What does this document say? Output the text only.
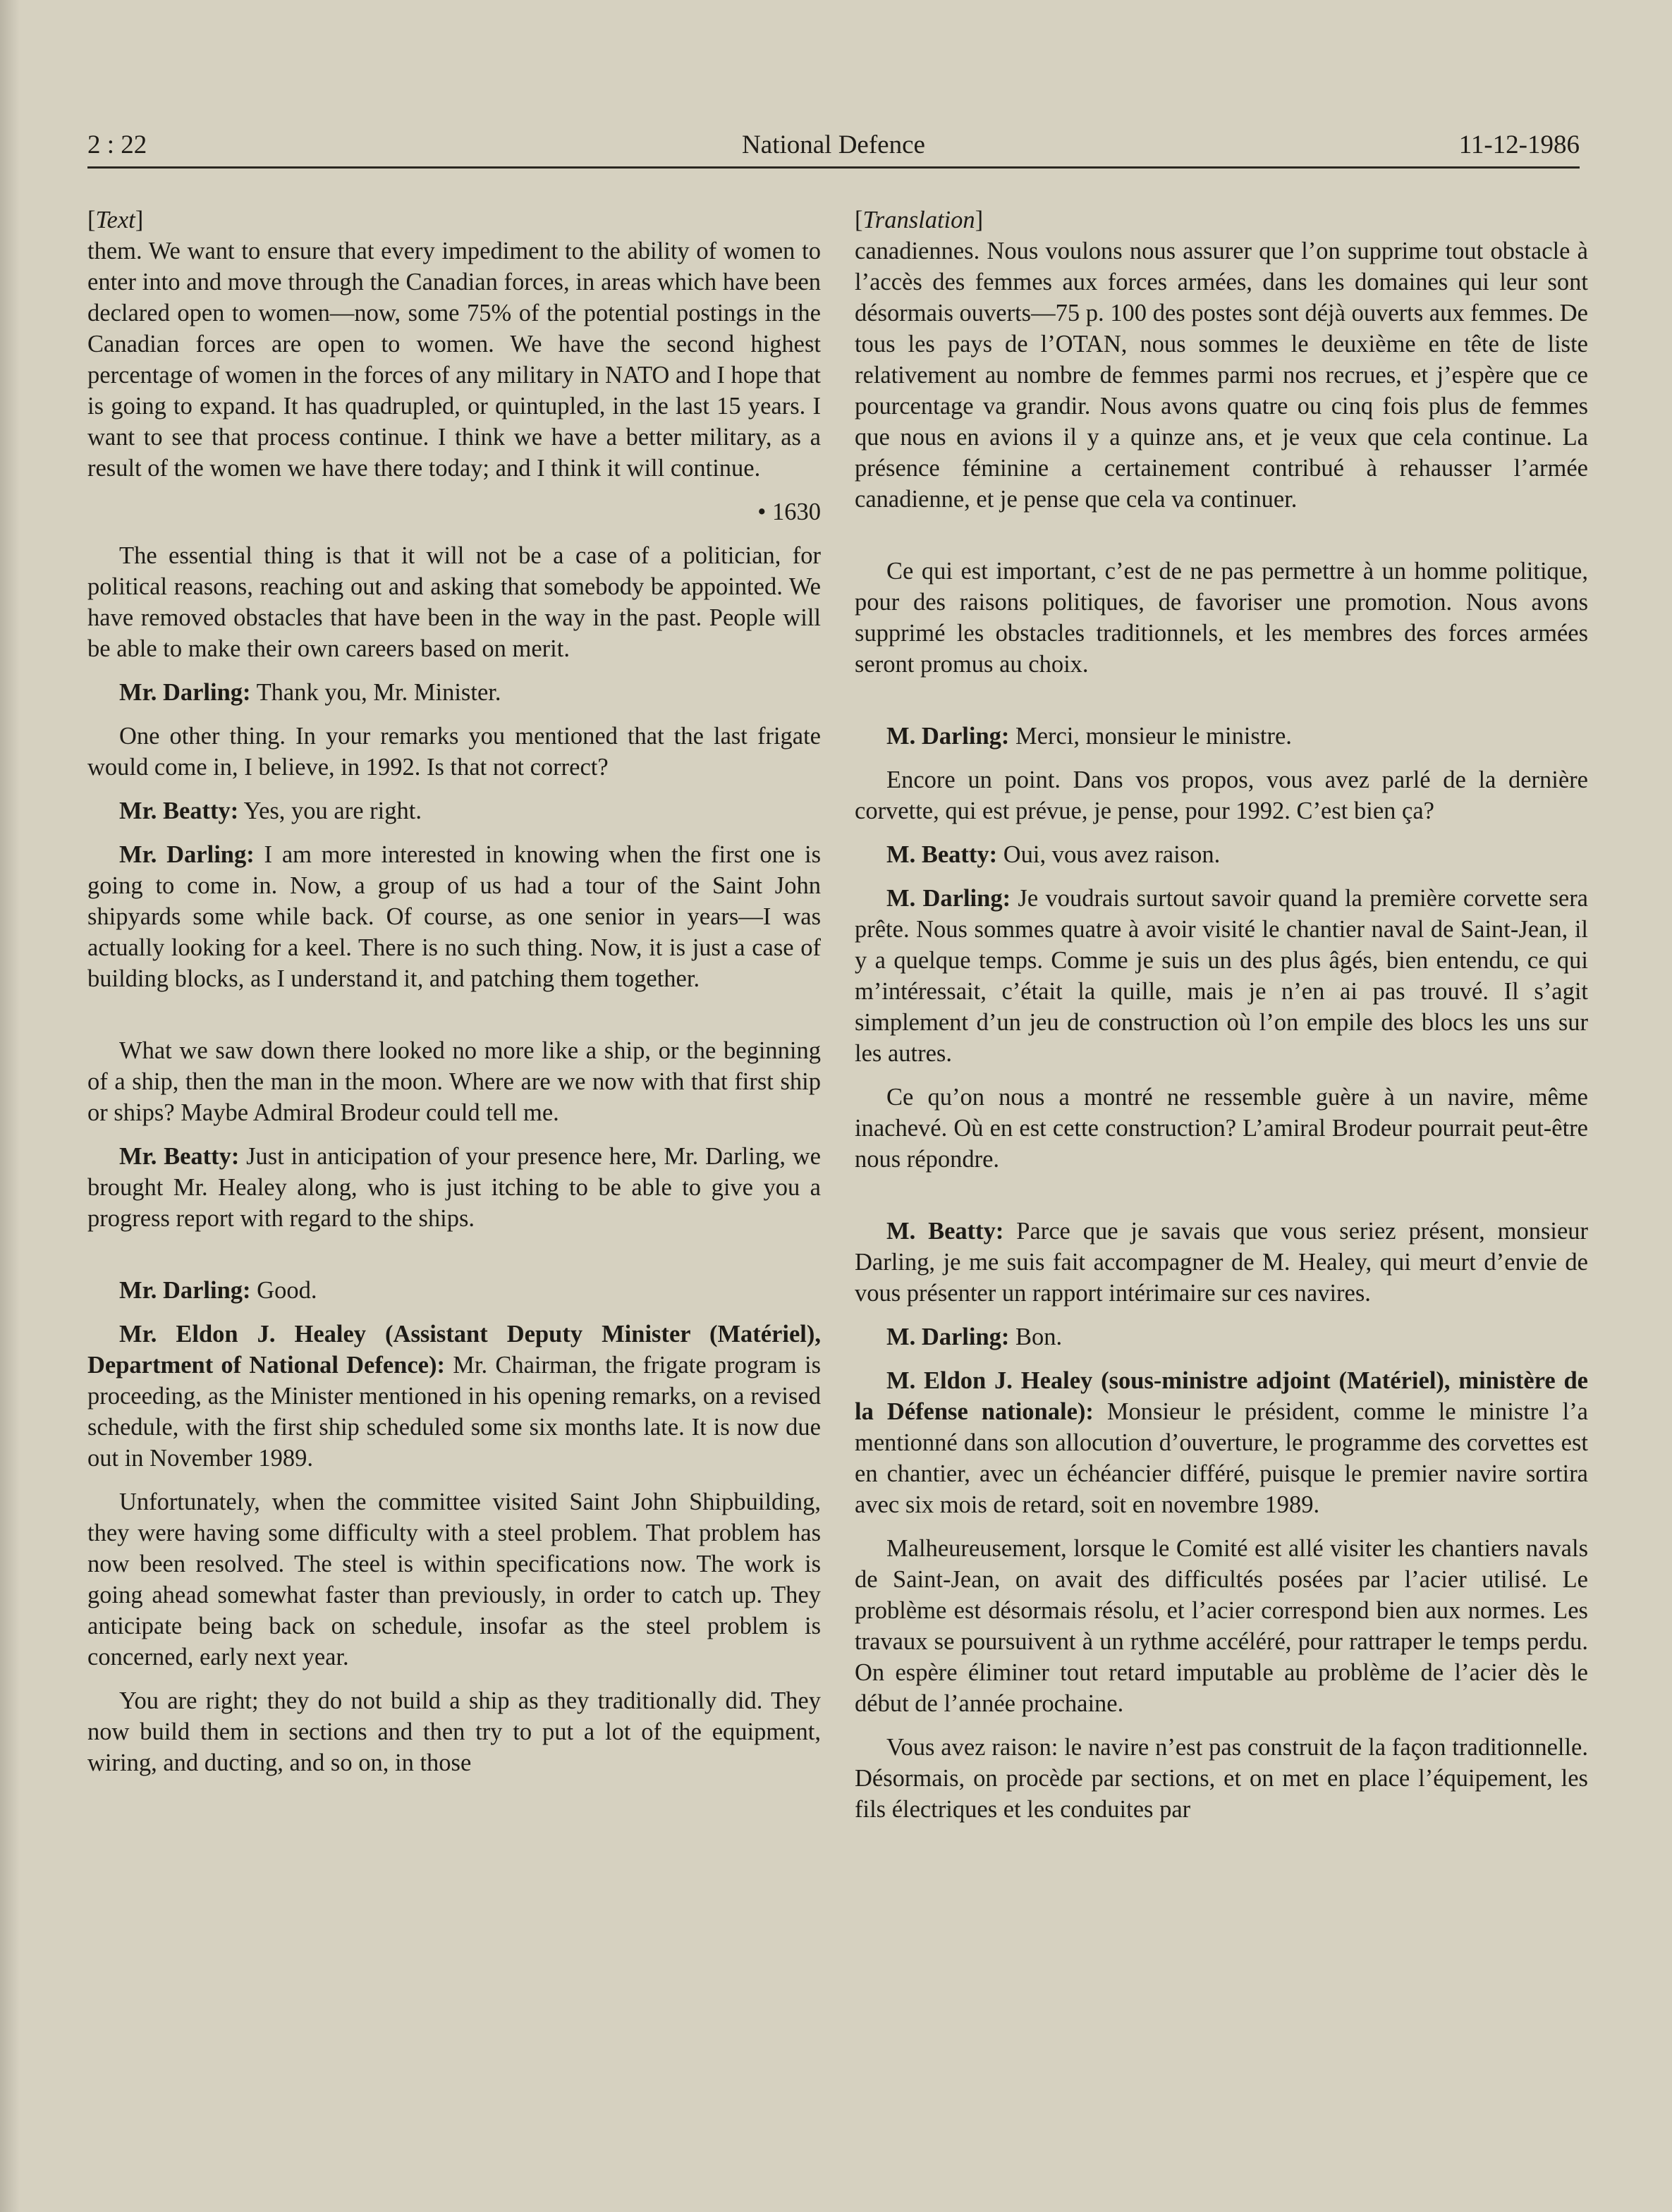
National Defence
2 : 22	11-12-1986

[Text]

them. We want to ensure that every impediment to the ability of women to enter into and move through the Canadian forces, in areas which have been declared open to women—now, some 75% of the potential postings in the Canadian forces are open to women. We have the second highest percentage of women in the forces of any military in NATO and I hope that is going to expand. It has quadrupled, or quintupled, in the last 15 years. I want to see that process continue. I think we have a better military, as a result of the women we have there today; and I think it will continue.

• 1630

The essential thing is that it will not be a case of a politician, for political reasons, reaching out and asking that somebody be appointed. We have removed obstacles that have been in the way in the past. People will be able to make their own careers based on merit.

Mr. Darling: Thank you, Mr. Minister.

One other thing. In your remarks you mentioned that the last frigate would come in, I believe, in 1992. Is that not correct?

Mr. Beatty: Yes, you are right.

Mr. Darling: I am more interested in knowing when the first one is going to come in. Now, a group of us had a tour of the Saint John shipyards some while back. Of course, as one senior in years—I was actually looking for a keel. There is no such thing. Now, it is just a case of building blocks, as I understand it, and patching them together.

What we saw down there looked no more like a ship, or the beginning of a ship, then the man in the moon. Where are we now with that first ship or ships? Maybe Admiral Brodeur could tell me.

Mr. Beatty: Just in anticipation of your presence here, Mr. Darling, we brought Mr. Healey along, who is just itching to be able to give you a progress report with regard to the ships.

Mr. Darling: Good.

Mr. Eldon J. Healey (Assistant Deputy Minister (Matériel), Department of National Defence): Mr. Chairman, the frigate program is proceeding, as the Minister mentioned in his opening remarks, on a revised schedule, with the first ship scheduled some six months late. It is now due out in November 1989.

Unfortunately, when the committee visited Saint John Shipbuilding, they were having some difficulty with a steel problem. That problem has now been resolved. The steel is within specifications now. The work is going ahead somewhat faster than previously, in order to catch up. They anticipate being back on schedule, insofar as the steel problem is concerned, early next year.

You are right; they do not build a ship as they traditionally did. They now build them in sections and then try to put a lot of the equipment, wiring, and ducting, and so on, in those

[Translation]

canadiennes. Nous voulons nous assurer que l’on supprime tout obstacle à l’accès des femmes aux forces armées, dans les domaines qui leur sont désormais ouverts—75 p. 100 des postes sont déjà ouverts aux femmes. De tous les pays de l’OTAN, nous sommes le deuxième en tête de liste relativement au nombre de femmes parmi nos recrues, et j’espère que ce pourcentage va grandir. Nous avons quatre ou cinq fois plus de femmes que nous en avions il y a quinze ans, et je veux que cela continue. La présence féminine a certainement contribué à rehausser l’armée canadienne, et je pense que cela va continuer.

Ce qui est important, c’est de ne pas permettre à un homme politique, pour des raisons politiques, de favoriser une promotion. Nous avons supprimé les obstacles traditionnels, et les membres des forces armées seront promus au choix.

M. Darling: Merci, monsieur le ministre.

Encore un point. Dans vos propos, vous avez parlé de la dernière corvette, qui est prévue, je pense, pour 1992. C’est bien ça?

M. Beatty: Oui, vous avez raison.

M. Darling: Je voudrais surtout savoir quand la première corvette sera prête. Nous sommes quatre à avoir visité le chantier naval de Saint-Jean, il y a quelque temps. Comme je suis un des plus âgés, bien entendu, ce qui m’intéressait, c’était la quille, mais je n’en ai pas trouvé. Il s’agit simplement d’un jeu de construction où l’on empile des blocs les uns sur les autres.

Ce qu’on nous a montré ne ressemble guère à un navire, même inachevé. Où en est cette construction? L’amiral Brodeur pourrait peut-être nous répondre.

M. Beatty: Parce que je savais que vous seriez présent, monsieur Darling, je me suis fait accompagner de M. Healey, qui meurt d’envie de vous présenter un rapport intérimaire sur ces navires.

M. Darling: Bon.

M. Eldon J. Healey (sous-ministre adjoint (Matériel), ministère de la Défense nationale): Monsieur le président, comme le ministre l’a mentionné dans son allocution d’ouverture, le programme des corvettes est en chantier, avec un échéancier différé, puisque le premier navire sortira avec six mois de retard, soit en novembre 1989.

Malheureusement, lorsque le Comité est allé visiter les chantiers navals de Saint-Jean, on avait des difficultés posées par l’acier utilisé. Le problème est désormais résolu, et l’acier correspond bien aux normes. Les travaux se poursuivent à un rythme accéléré, pour rattraper le temps perdu. On espère éliminer tout retard imputable au problème de l’acier dès le début de l’année prochaine.

Vous avez raison: le navire n’est pas construit de la façon traditionnelle. Désormais, on procède par sections, et on met en place l’équipement, les fils électriques et les conduites par
